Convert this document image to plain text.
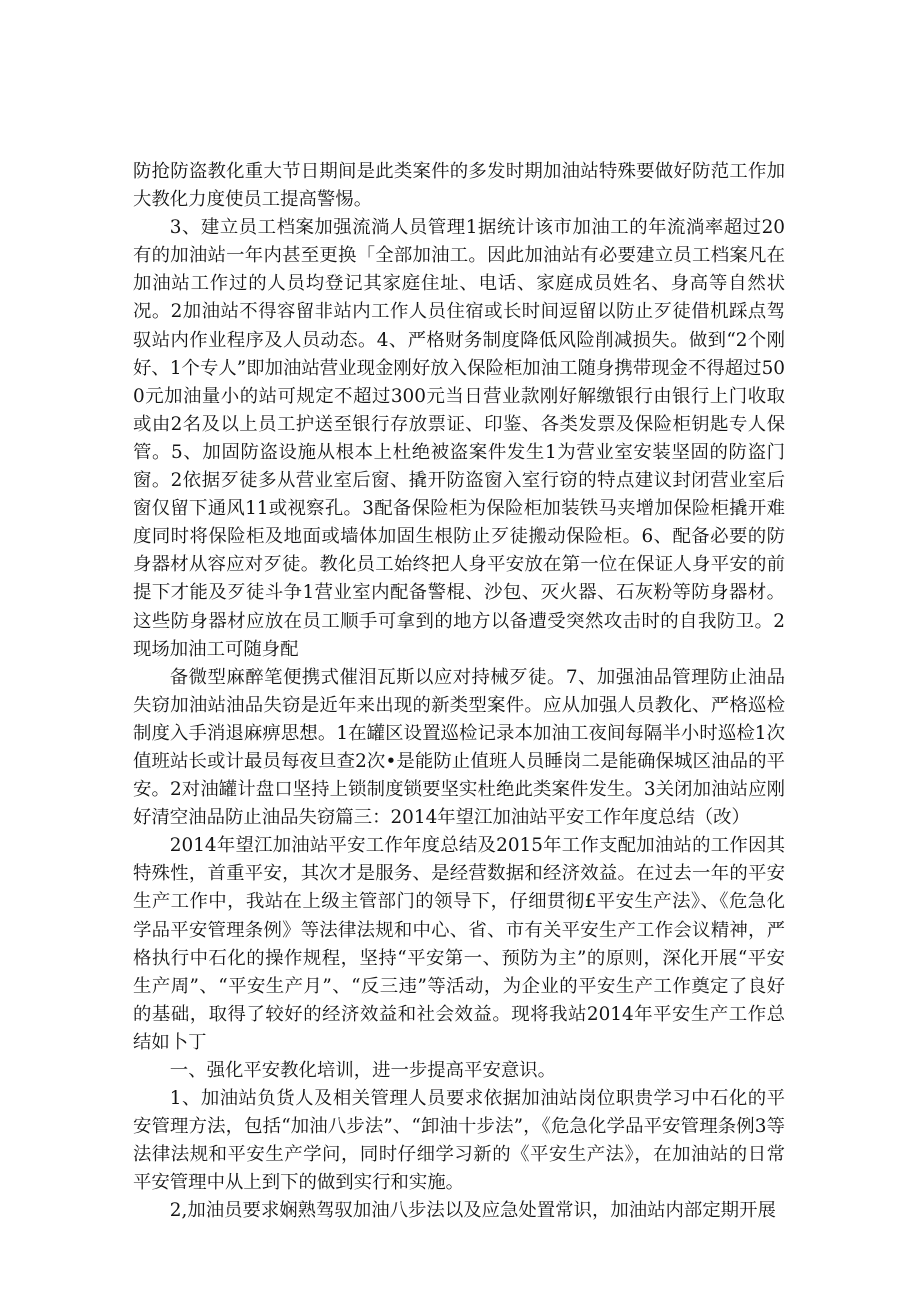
防抢防盗教化重大节日期间是此类案件的多发时期加油站特殊要做好防范工作加大教化力度使员工提高警惕。

3、建立员工档案加强流淌人员管理1据统计该市加油工的年流淌率超过20有的加油站一年内甚至更换「全部加油工。因此加油站有必要建立员工档案凡在加油站工作过的人员均登记其家庭住址、电话、家庭成员姓名、身高等自然状况。2加油站不得容留非站内工作人员住宿或长时间逗留以防止歹徒借机踩点驾驭站内作业程序及人员动态。4、严格财务制度降低风险削减损失。做到“2个刚好、1个专人”即加油站营业现金刚好放入保险柜加油工随身携带现金不得超过500元加油量小的站可规定不超过300元当日营业款刚好解缴银行由银行上门收取或由2名及以上员工护送至银行存放票证、印鉴、各类发票及保险柜钥匙专人保管。5、加固防盗设施从根本上杜绝被盗案件发生1为营业室安装坚固的防盗门窗。2依据歹徒多从营业室后窗、撬开防盗窗入室行窃的特点建议封闭营业室后窗仅留下通风11或视察孔。3配备保险柜为保险柜加装铁马夹增加保险柜撬开难度同时将保险柜及地面或墙体加固生根防止歹徒搬动保险柜。6、配备必要的防身器材从容应对歹徒。教化员工始终把人身平安放在第一位在保证人身平安的前提下才能及歹徒斗争1营业室内配备警棍、沙包、灭火器、石灰粉等防身器材。这些防身器材应放在员工顺手可拿到的地方以备遭受突然攻击时的自我防卫。2现场加油工可随身配

备微型麻醉笔便携式催泪瓦斯以应对持械歹徒。7、加强油品管理防止油品失窃加油站油品失窃是近年来出现的新类型案件。应从加强人员教化、严格巡检制度入手消退麻痹思想。1在罐区设置巡检记录本加油工夜间每隔半小时巡检1次值班站长或计最员每夜旦查2次•是能防止值班人员睡岗二是能确保城区油品的平安。2对油罐计盘口坚持上锁制度锁要坚实杜绝此类案件发生。3关闭加油站应刚好清空油品防止油品失窃篇三：2014年望江加油站平安工作年度总结（改）

2014年望江加油站平安工作年度总结及2015年工作支配加油站的工作因其特殊性，首重平安，其次才是服务、是经营数据和经济效益。在过去一年的平安生产工作中，我站在上级主管部门的领导下，仔细贯彻£平安生产法》、《危急化学品平安管理条例》等法律法规和中心、省、市有关平安生产工作会议精神，严格执行中石化的操作规程，坚持“平安第一、预防为主”的原则，深化开展“平安生产周”、“平安生产月”、“反三违”等活动，为企业的平安生产工作奠定了良好的基础，取得了较好的经济效益和社会效益。现将我站2014年平安生产工作总结如卜丁

一、强化平安教化培训，进一步提高平安意识。

1、加油站负货人及相关管理人员要求依据加油站岗位职贵学习中石化的平安管理方法，包括“加油八步法”、“卸油十步法”，《危急化学品平安管理条例3等法律法规和平安生产学问，同时仔细学习新的《平安生产法》，在加油站的日常平安管理中从上到下的做到实行和实施。

2,加油员要求娴熟驾驭加油八步法以及应急处置常识，加油站内部定期开展
